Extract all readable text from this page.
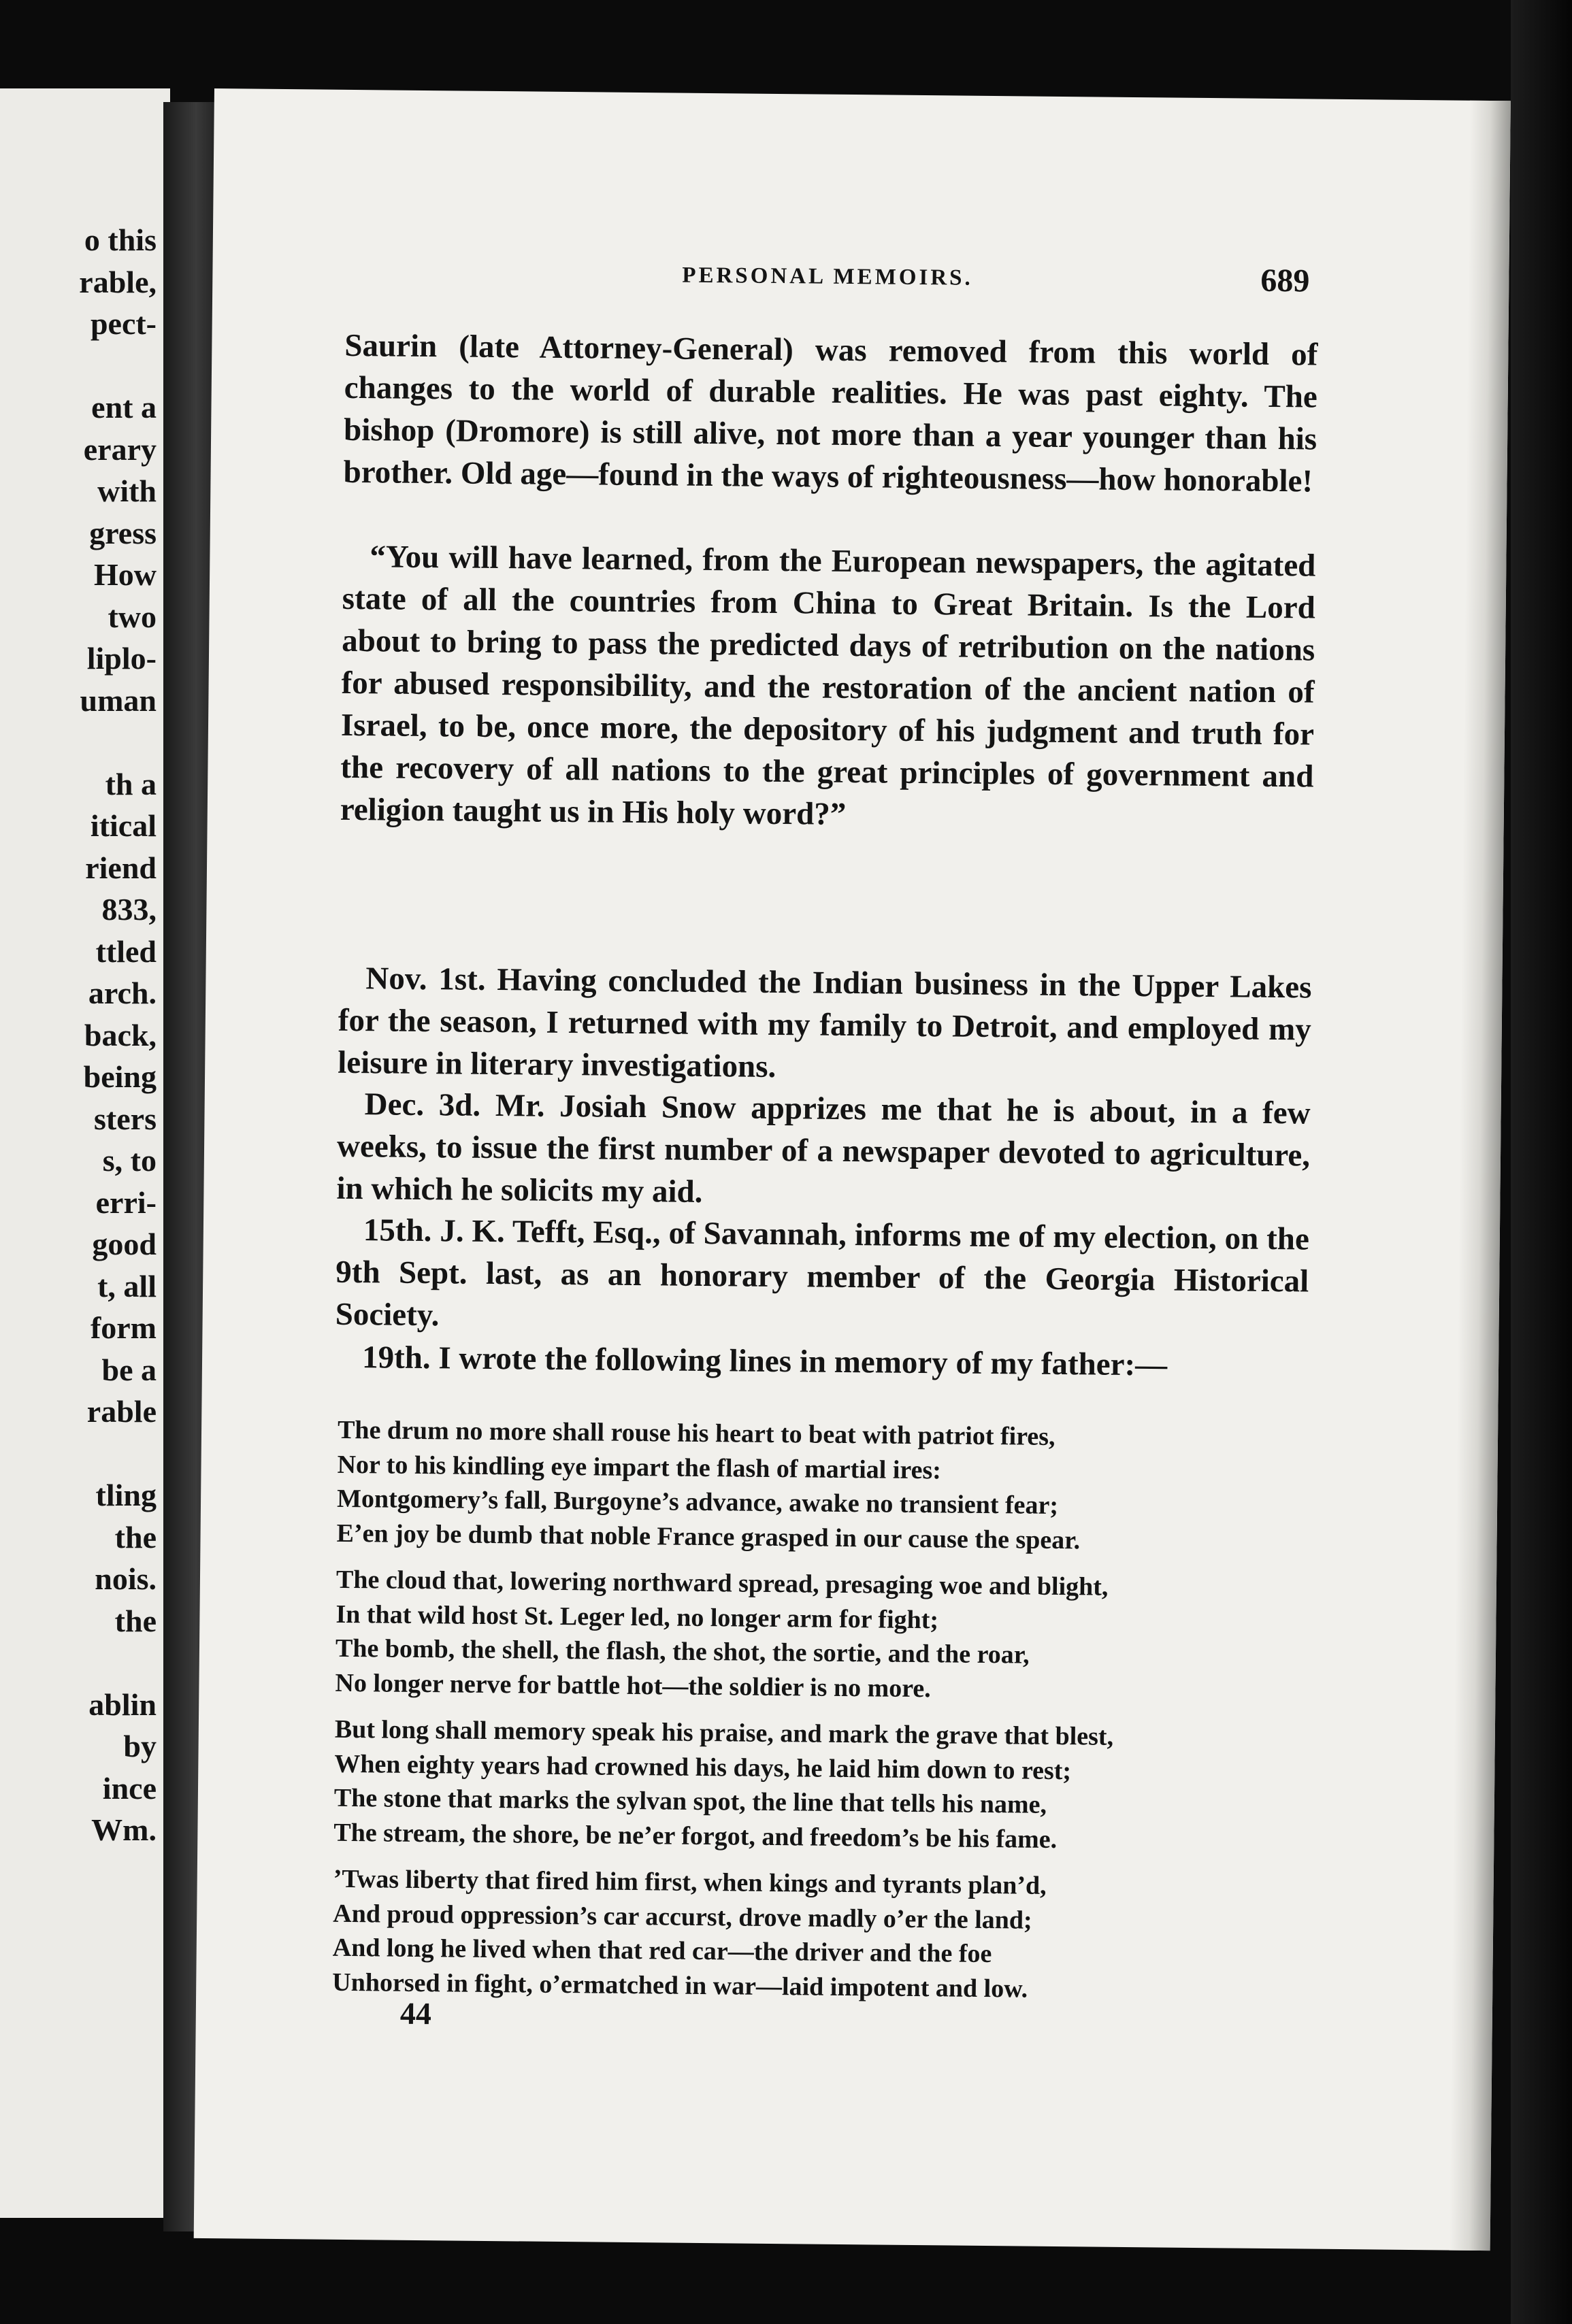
o this
rable,
pect-
ent a
erary
with
gress
How
two
liplo-
uman
th a
itical
riend
833,
ttled
arch.
back,
being
sters
s, to
erri-
good
t, all
form
be a
rable
tling
the
nois.
the
ablin
by
ince
Wm.
PERSONAL MEMOIRS.	689

Saurin (late Attorney-General) was removed from this world of changes to the world of durable realities. He was past eighty. The bishop (Dromore) is still alive, not more than a year younger than his brother. Old age—found in the ways of righteousness—how honorable!

“You will have learned, from the European newspapers, the agitated state of all the countries from China to Great Britain. Is the Lord about to bring to pass the predicted days of retribution on the nations for abused responsibility, and the restoration of the ancient nation of Israel, to be, once more, the depository of his judgment and truth for the recovery of all nations to the great principles of government and religion taught us in His holy word?”

Nov. 1st. Having concluded the Indian business in the Upper Lakes for the season, I returned with my family to Detroit, and employed my leisure in literary investigations.

Dec. 3d. Mr. Josiah Snow apprizes me that he is about, in a few weeks, to issue the first number of a newspaper devoted to agriculture, in which he solicits my aid.

15th. J. K. Tefft, Esq., of Savannah, informs me of my election, on the 9th Sept. last, as an honorary member of the Georgia Historical Society.

19th. I wrote the following lines in memory of my father:—

The drum no more shall rouse his heart to beat with patriot fires,
Nor to his kindling eye impart the flash of martial ires:
Montgomery’s fall, Burgoyne’s advance, awake no transient fear;
E’en joy be dumb that noble France grasped in our cause the spear.
The cloud that, lowering northward spread, presaging woe and blight,
In that wild host St. Leger led, no longer arm for fight;
The bomb, the shell, the flash, the shot, the sortie, and the roar,
No longer nerve for battle hot—the soldier is no more.
But long shall memory speak his praise, and mark the grave that blest,
When eighty years had crowned his days, he laid him down to rest;
The stone that marks the sylvan spot, the line that tells his name,
The stream, the shore, be ne’er forgot, and freedom’s be his fame.
’Twas liberty that fired him first, when kings and tyrants plan’d,
And proud oppression’s car accurst, drove madly o’er the land;
And long he lived when that red car—the driver and the foe
Unhorsed in fight, o’ermatched in war—laid impotent and low.
44
